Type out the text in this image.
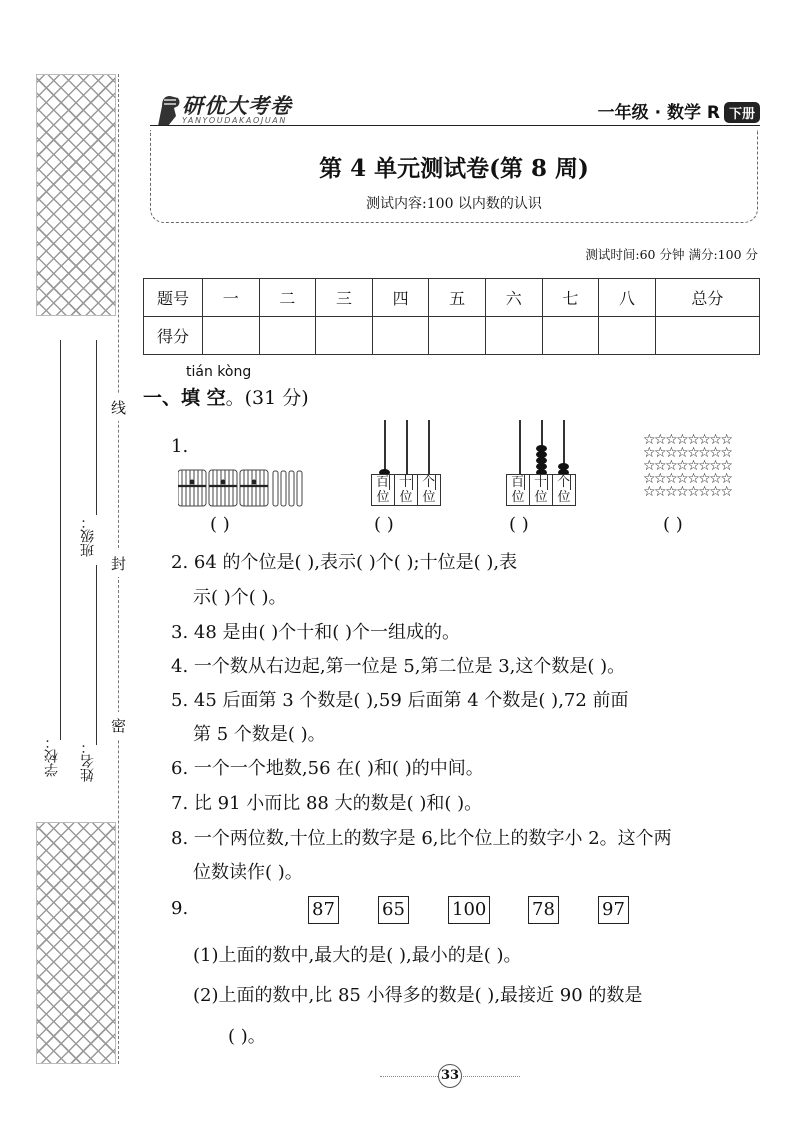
学校：
班级：
姓名：
线
封
密
研优大考卷
YANYOUDAKAOJUAN	一年级 · 数学 R 下册
第 4 单元测试卷(第 8 周)
测试内容:100 以内数的认识
测试时间:60 分钟 满分:100 分
题号	一	二	三	四	五	六	七	八	总分
得分									
tián kòng
一、填 空。(31 分)
1.
百
位
十
位
个
位
百
位
十
位
个
位
☆☆☆☆☆☆☆☆
☆☆☆☆☆☆☆☆
☆☆☆☆☆☆☆☆
☆☆☆☆☆☆☆☆
☆☆☆☆☆☆☆☆
( )	( )	( )	( )
2. 64 的个位是( ),表示( )个( );十位是( ),表
示( )个( )。
3. 48 是由( )个十和( )个一组成的。
4. 一个数从右边起,第一位是 5,第二位是 3,这个数是( )。
5. 45 后面第 3 个数是( ),59 后面第 4 个数是( ),72 前面
第 5 个数是( )。
6. 一个一个地数,56 在( )和( )的中间。
7. 比 91 小而比 88 大的数是( )和( )。
8. 一个两位数,十位上的数字是 6,比个位上的数字小 2。这个两
位数读作( )。
9.	87	65	100	78	97
(1)上面的数中,最大的是( ),最小的是( )。
(2)上面的数中,比 85 小得多的数是( ),最接近 90 的数是
( )。
33
